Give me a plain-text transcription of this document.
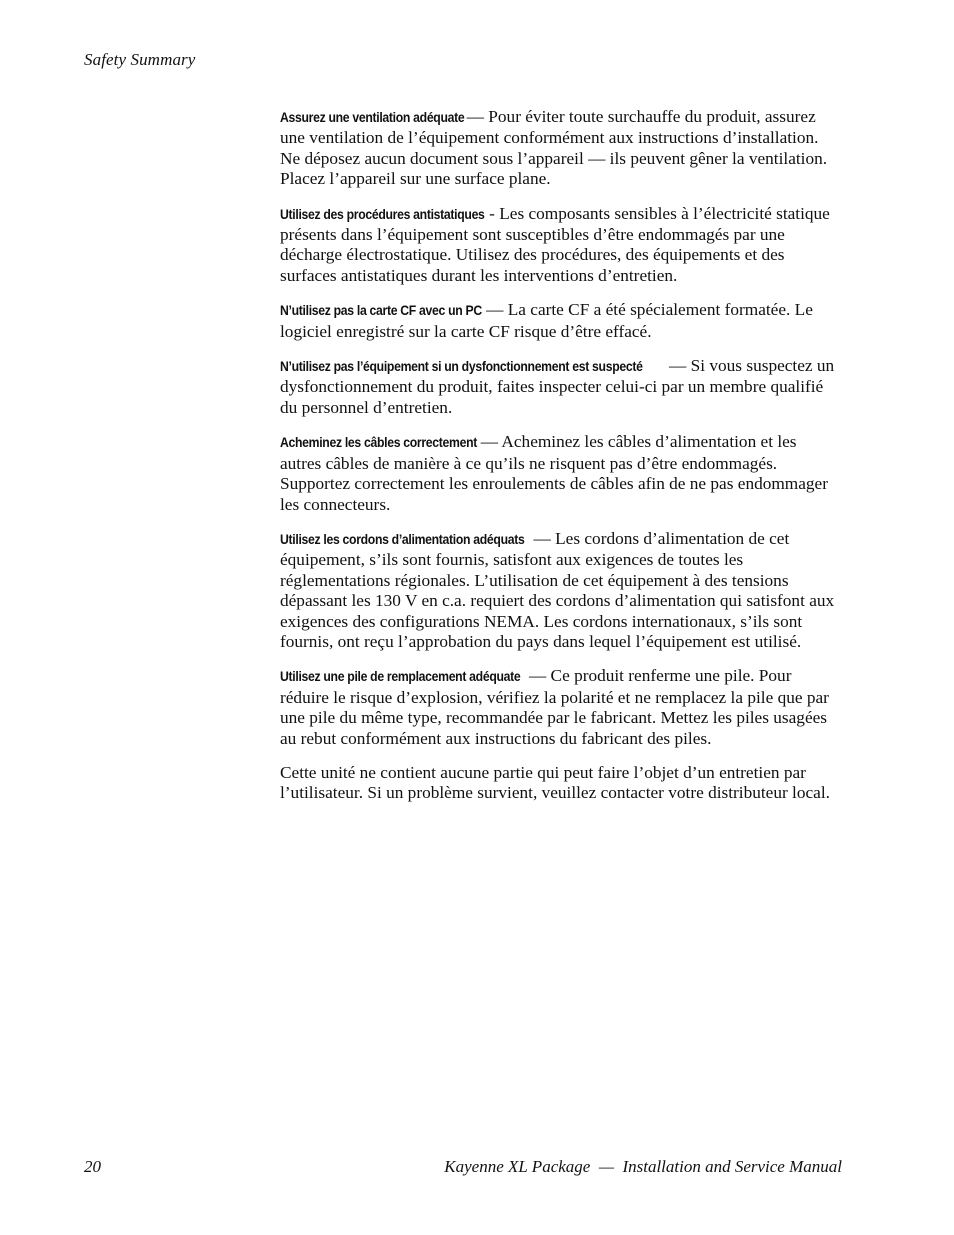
Safety Summary

Assurez une ventilation adéquate — Pour éviter toute surchauffe du produit, assurez une ventilation de l’équipement conformément aux instructions d’installation. Ne déposez aucun document sous l’appareil — ils peuvent gêner la ventilation. Placez l’appareil sur une surface plane.

Utilisez des procédures antistatiques - Les composants sensibles à l’électricité statique présents dans l’équipement sont susceptibles d’être endommagés par une décharge électrostatique. Utilisez des procédures, des équipements et des surfaces antistatiques durant les interventions d’entretien.

N’utilisez pas la carte CF avec un PC — La carte CF a été spécialement formatée. Le logiciel enregistré sur la carte CF risque d’être effacé.

N’utilisez pas l’équipement si un dysfonctionnement est suspecté  — Si vous suspectez un dysfonctionnement du produit, faites inspecter celui-ci par un membre qualifié du personnel d’entretien.

Acheminez les câbles correctement — Acheminez les câbles d’alimentation et les autres câbles de manière à ce qu’ils ne risquent pas d’être endommagés. Supportez correctement les enroulements de câbles afin de ne pas endommager les connecteurs.

Utilisez les cordons d’alimentation adéquats — Les cordons d’alimentation de cet équipement, s’ils sont fournis, satisfont aux exigences de toutes les réglementations régionales. L’utilisation de cet équipement à des tensions dépassant les 130 V en c.a. requiert des cordons d’alimentation qui satisfont aux exigences des configurations NEMA. Les cordons internationaux, s’ils sont fournis, ont reçu l’approbation du pays dans lequel l’équipement est utilisé.

Utilisez une pile de remplacement adéquate — Ce produit renferme une pile. Pour réduire le risque d’explosion, vérifiez la polarité et ne remplacez la pile que par une pile du même type, recommandée par le fabricant. Mettez les piles usagées au rebut conformément aux instructions du fabricant des piles.

Cette unité ne contient aucune partie qui peut faire l’objet d’un entretien par l’utilisateur. Si un problème survient, veuillez contacter votre distributeur local.

20	Kayenne XL Package  —  Installation and Service Manual
